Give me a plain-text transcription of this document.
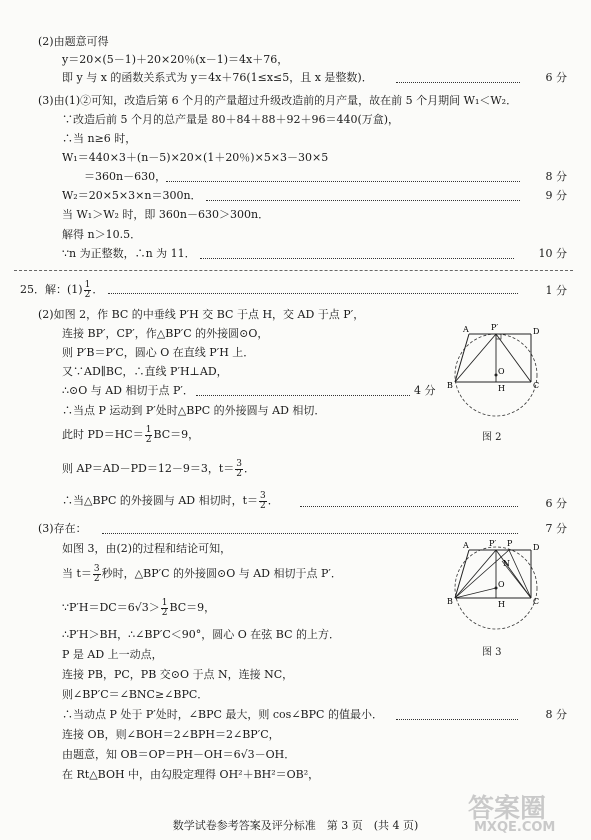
(2)由题意可得
y＝20×(5－1)＋20×20％(x－1)＝4x＋76，
即 y 与 x 的函数关系式为 y＝4x＋76(1≤x≤5，且 x 是整数)．	6 分
(3)由(1)②可知，改造后第 6 个月的产量超过升级改造前的月产量，故在前 5 个月期间 W₁＜W₂．
∵改造后前 5 个月的总产量是 80＋84＋88＋92＋96＝440(万盒)，
∴当 n≥6 时，
W₁＝440×3＋(n－5)×20×(1＋20％)×5×3－30×5
＝360n－630，	8 分
W₂＝20×5×3×n＝300n．	9 分
当 W₁＞W₂ 时，即 360n－630＞300n．
解得 n＞10.5．
∵n 为正整数，∴n 为 11．	10 分
25．解：$(1) \frac{1}{2}$ ．	1 分
(2)如图 2，作 BC 的中垂线 P′H 交 BC 于点 H，交 AD 于点 P′，
连接 BP′，CP′，作△BP′C 的外接圆⊙O，
则 P′B＝P′C，圆心 O 在直线 P′H 上．
又∵AD∥BC，∴直线 P′H⊥AD，
∴⊙O 与 AD 相切于点 P′．	4 分
∴当点 P 运动到 P′处时△BPC 的外接圆与 AD 相切．
此时 $PD=HC= \frac{1}{2} BC=9$，
则 AP＝AD－PD＝12－9＝3，$t= \frac{3}{2}$ ．
∴当△BPC 的外接圆与 AD 相切时，$t= \frac{3}{2}$ ．	6 分
(3)存在：	7 分
如图 3，由(2)的过程和结论可知，
当 $t= \frac{3}{2}$ 秒时，△BP′C 的外接圆⊙O 与 AD 相切于点 P′．
∵P′H＝DC＝6√3＞ $\frac{1}{2} BC=9$，
∴P′H＞BH，∴∠BP′C＜90°，圆心 O 在弦 BC 的上方．
P 是 AD 上一动点，
连接 PB，PC，PB 交⊙O 于点 N，连接 NC，
则∠BP′C＝∠BNC≥∠BPC．
∴当动点 P 处于 P′处时，∠BPC 最大，则 cos∠BPC 的值最小．	8 分
连接 OB，则∠BOH＝2∠BPH＝2∠BP′C，
由题意，知 OB＝OP＝PH－OH＝6√3－OH．
在 Rt△BOH 中，由勾股定理得 OH²＋BH²＝OB²，
A	P′	D
B	C
O
H
图 2
A	P′ P	D
N
B	C
O
H
图 3
数学试卷参考答案及评分标准　第 3 页　(共 4 页)
答案圈
MXQE.COM
